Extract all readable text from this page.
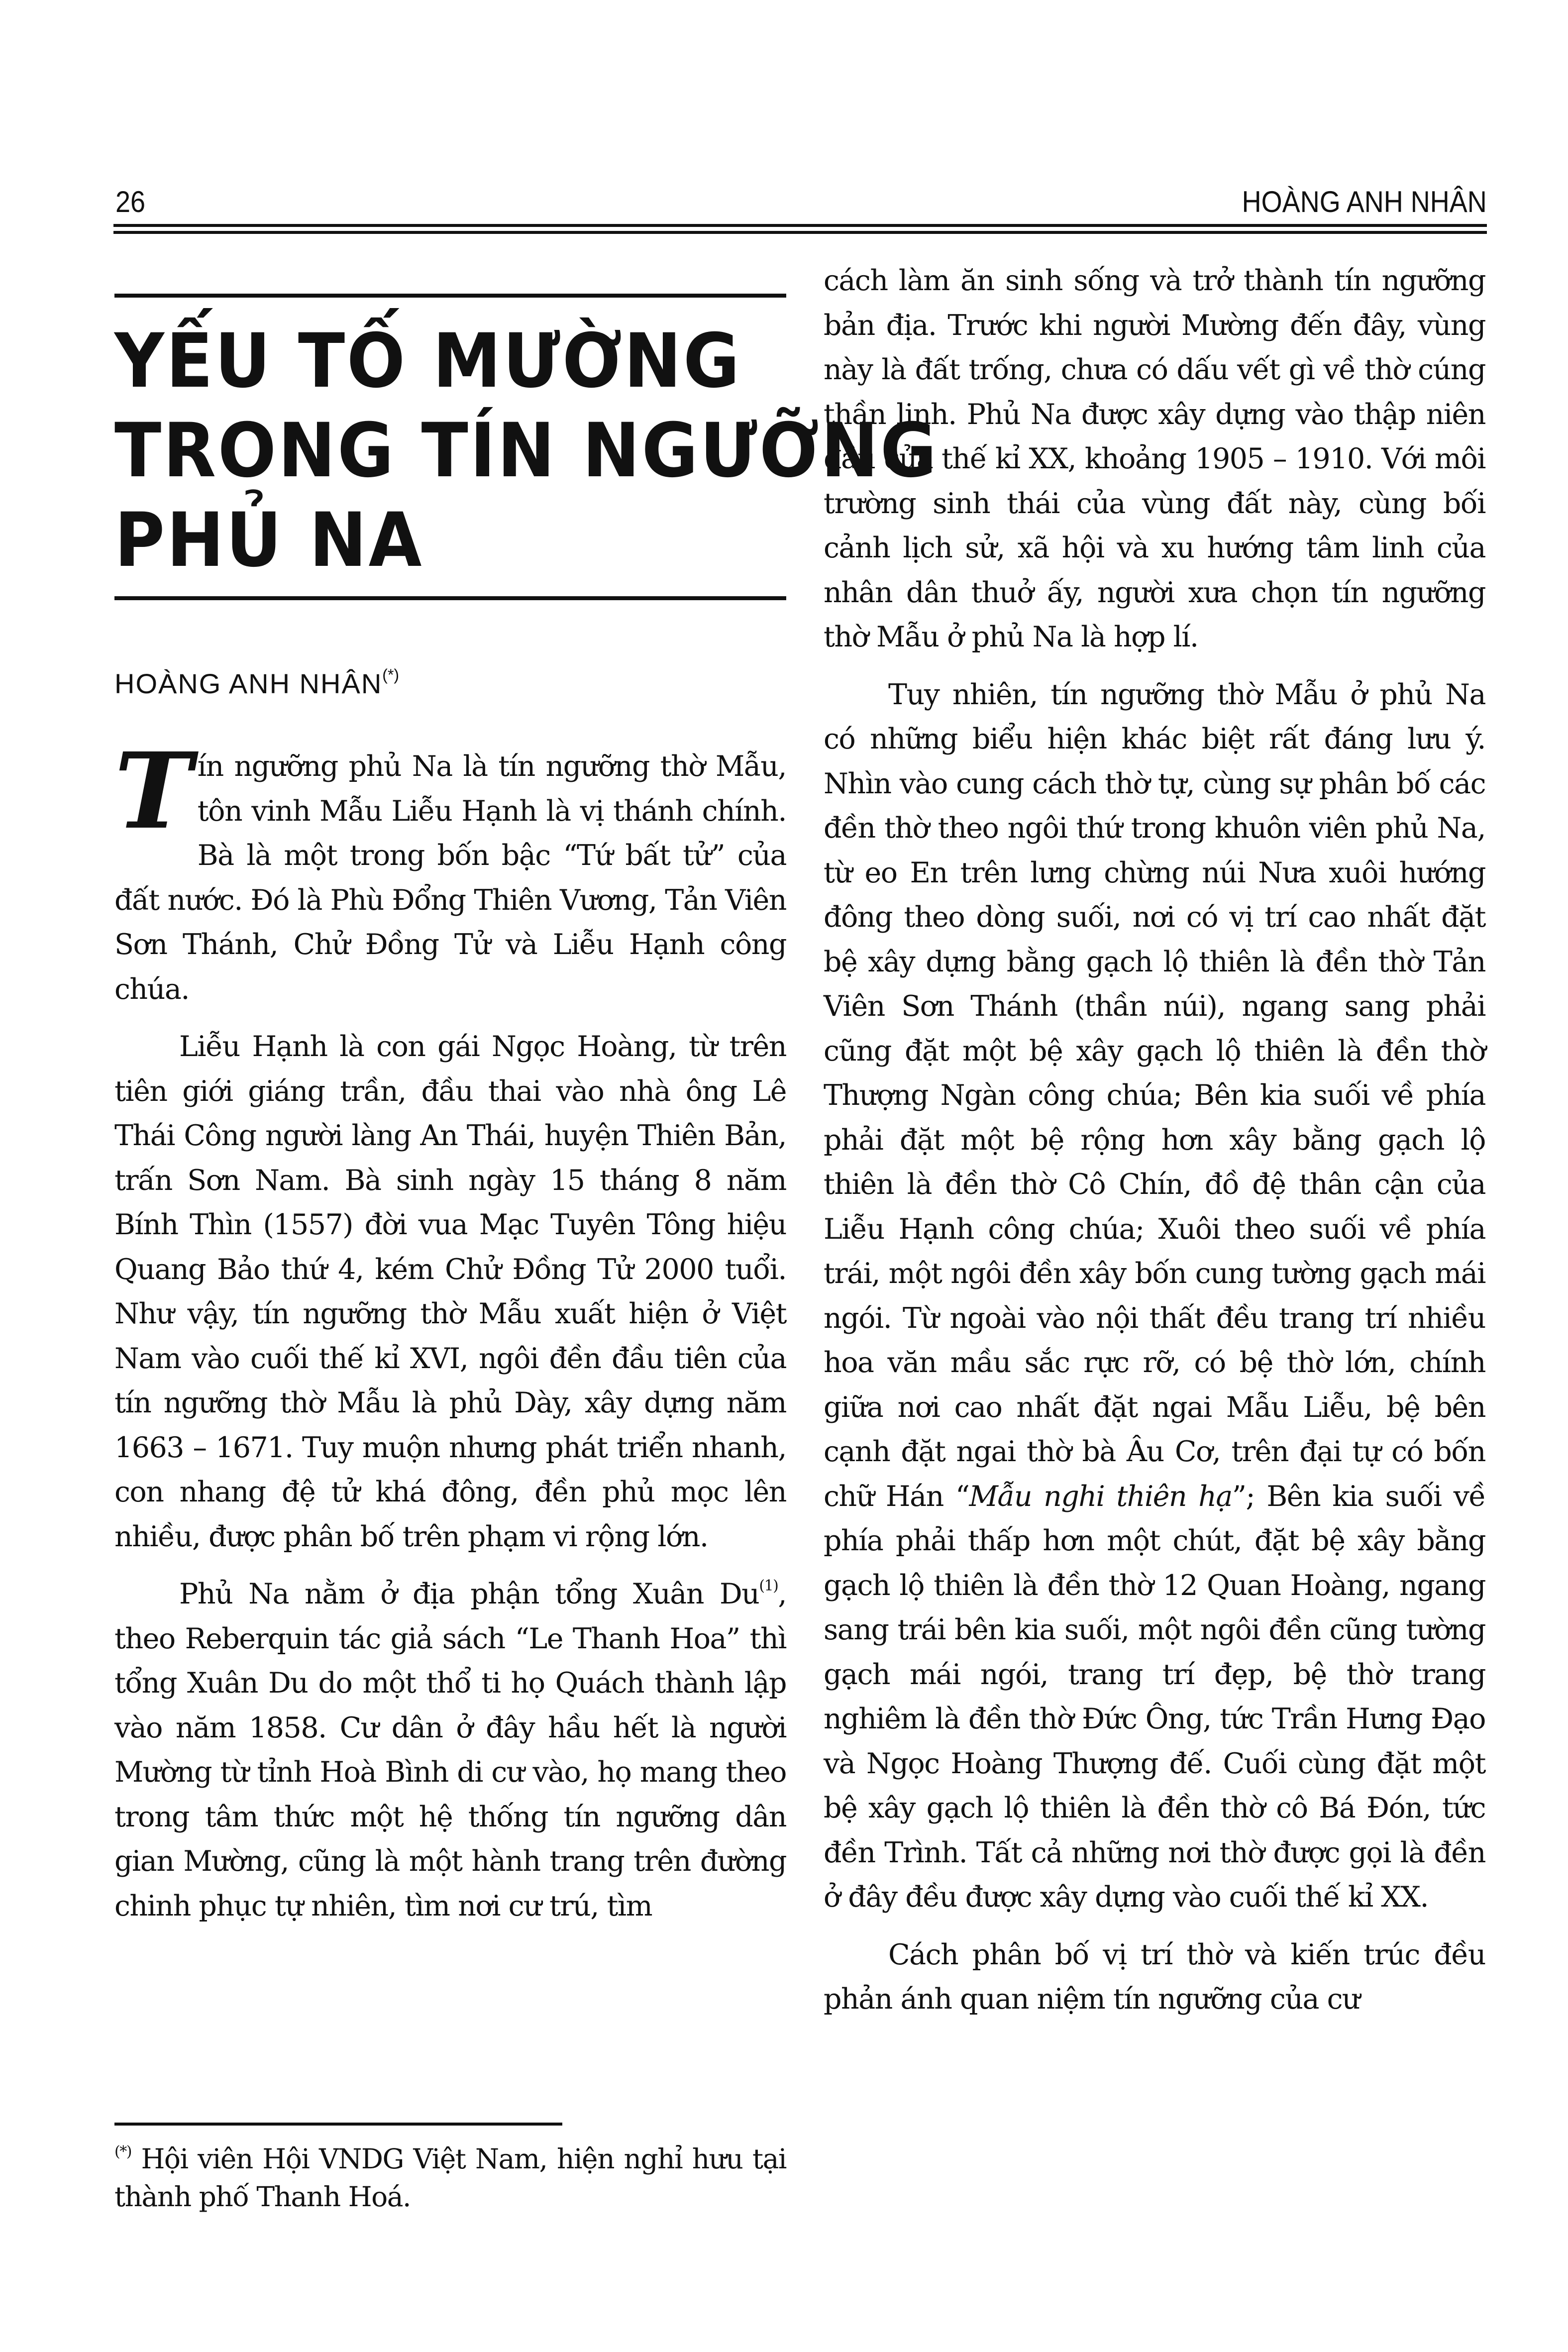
26	HOÀNG ANH NHÂN
YẾU TỐ MƯỜNG
TRONG TÍN NGƯỠNG
PHỦ NA
HOÀNG ANH NHÂN(*)

Tín ngưỡng phủ Na là tín ngưỡng thờ Mẫu, tôn vinh Mẫu Liễu Hạnh là vị thánh chính. Bà là một trong bốn bậc “Tứ bất tử” của đất nước. Đó là Phù Đổng Thiên Vương, Tản Viên Sơn Thánh, Chử Đồng Tử và Liễu Hạnh công chúa.

Liễu Hạnh là con gái Ngọc Hoàng, từ trên tiên giới giáng trần, đầu thai vào nhà ông Lê Thái Công người làng An Thái, huyện Thiên Bản, trấn Sơn Nam. Bà sinh ngày 15 tháng 8 năm Bính Thìn (1557) đời vua Mạc Tuyên Tông hiệu Quang Bảo thứ 4, kém Chử Đồng Tử 2000 tuổi. Như vậy, tín ngưỡng thờ Mẫu xuất hiện ở Việt Nam vào cuối thế kỉ XVI, ngôi đền đầu tiên của tín ngưỡng thờ Mẫu là phủ Dày, xây dựng năm 1663 – 1671. Tuy muộn nhưng phát triển nhanh, con nhang đệ tử khá đông, đền phủ mọc lên nhiều, được phân bố trên phạm vi rộng lớn.

Phủ Na nằm ở địa phận tổng Xuân Du$^{(1)}$, theo Reberquin tác giả sách “Le Thanh Hoa” thì tổng Xuân Du do một thổ ti họ Quách thành lập vào năm 1858. Cư dân ở đây hầu hết là người Mường từ tỉnh Hoà Bình di cư vào, họ mang theo trong tâm thức một hệ thống tín ngưỡng dân gian Mường, cũng là một hành trang trên đường chinh phục tự nhiên, tìm nơi cư trú, tìm

(*) Hội viên Hội VNDG Việt Nam, hiện nghỉ hưu tại thành phố Thanh Hoá.

cách làm ăn sinh sống và trở thành tín ngưỡng bản địa. Trước khi người Mường đến đây, vùng này là đất trống, chưa có dấu vết gì về thờ cúng thần linh. Phủ Na được xây dựng vào thập niên đầu của thế kỉ XX, khoảng 1905 – 1910. Với môi trường sinh thái của vùng đất này, cùng bối cảnh lịch sử, xã hội và xu hướng tâm linh của nhân dân thuở ấy, người xưa chọn tín ngưỡng thờ Mẫu ở phủ Na là hợp lí.

Tuy nhiên, tín ngưỡng thờ Mẫu ở phủ Na có những biểu hiện khác biệt rất đáng lưu ý. Nhìn vào cung cách thờ tự, cùng sự phân bố các đền thờ theo ngôi thứ trong khuôn viên phủ Na, từ eo En trên lưng chừng núi Nưa xuôi hướng đông theo dòng suối, nơi có vị trí cao nhất đặt bệ xây dựng bằng gạch lộ thiên là đền thờ Tản Viên Sơn Thánh (thần núi), ngang sang phải cũng đặt một bệ xây gạch lộ thiên là đền thờ Thượng Ngàn công chúa; Bên kia suối về phía phải đặt một bệ rộng hơn xây bằng gạch lộ thiên là đền thờ Cô Chín, đồ đệ thân cận của Liễu Hạnh công chúa; Xuôi theo suối về phía trái, một ngôi đền xây bốn cung tường gạch mái ngói. Từ ngoài vào nội thất đều trang trí nhiều hoa văn mầu sắc rực rỡ, có bệ thờ lớn, chính giữa nơi cao nhất đặt ngai Mẫu Liễu, bệ bên cạnh đặt ngai thờ bà Âu Cơ, trên đại tự có bốn chữ Hán “Mẫu nghi thiên hạ”; Bên kia suối về phía phải thấp hơn một chút, đặt bệ xây bằng gạch lộ thiên là đền thờ 12 Quan Hoàng, ngang sang trái bên kia suối, một ngôi đền cũng tường gạch mái ngói, trang trí đẹp, bệ thờ trang nghiêm là đền thờ Đức Ông, tức Trần Hưng Đạo và Ngọc Hoàng Thượng đế. Cuối cùng đặt một bệ xây gạch lộ thiên là đền thờ cô Bá Đón, tức đền Trình. Tất cả những nơi thờ được gọi là đền ở đây đều được xây dựng vào cuối thế kỉ XX.

Cách phân bố vị trí thờ và kiến trúc đều phản ánh quan niệm tín ngưỡng của cư
